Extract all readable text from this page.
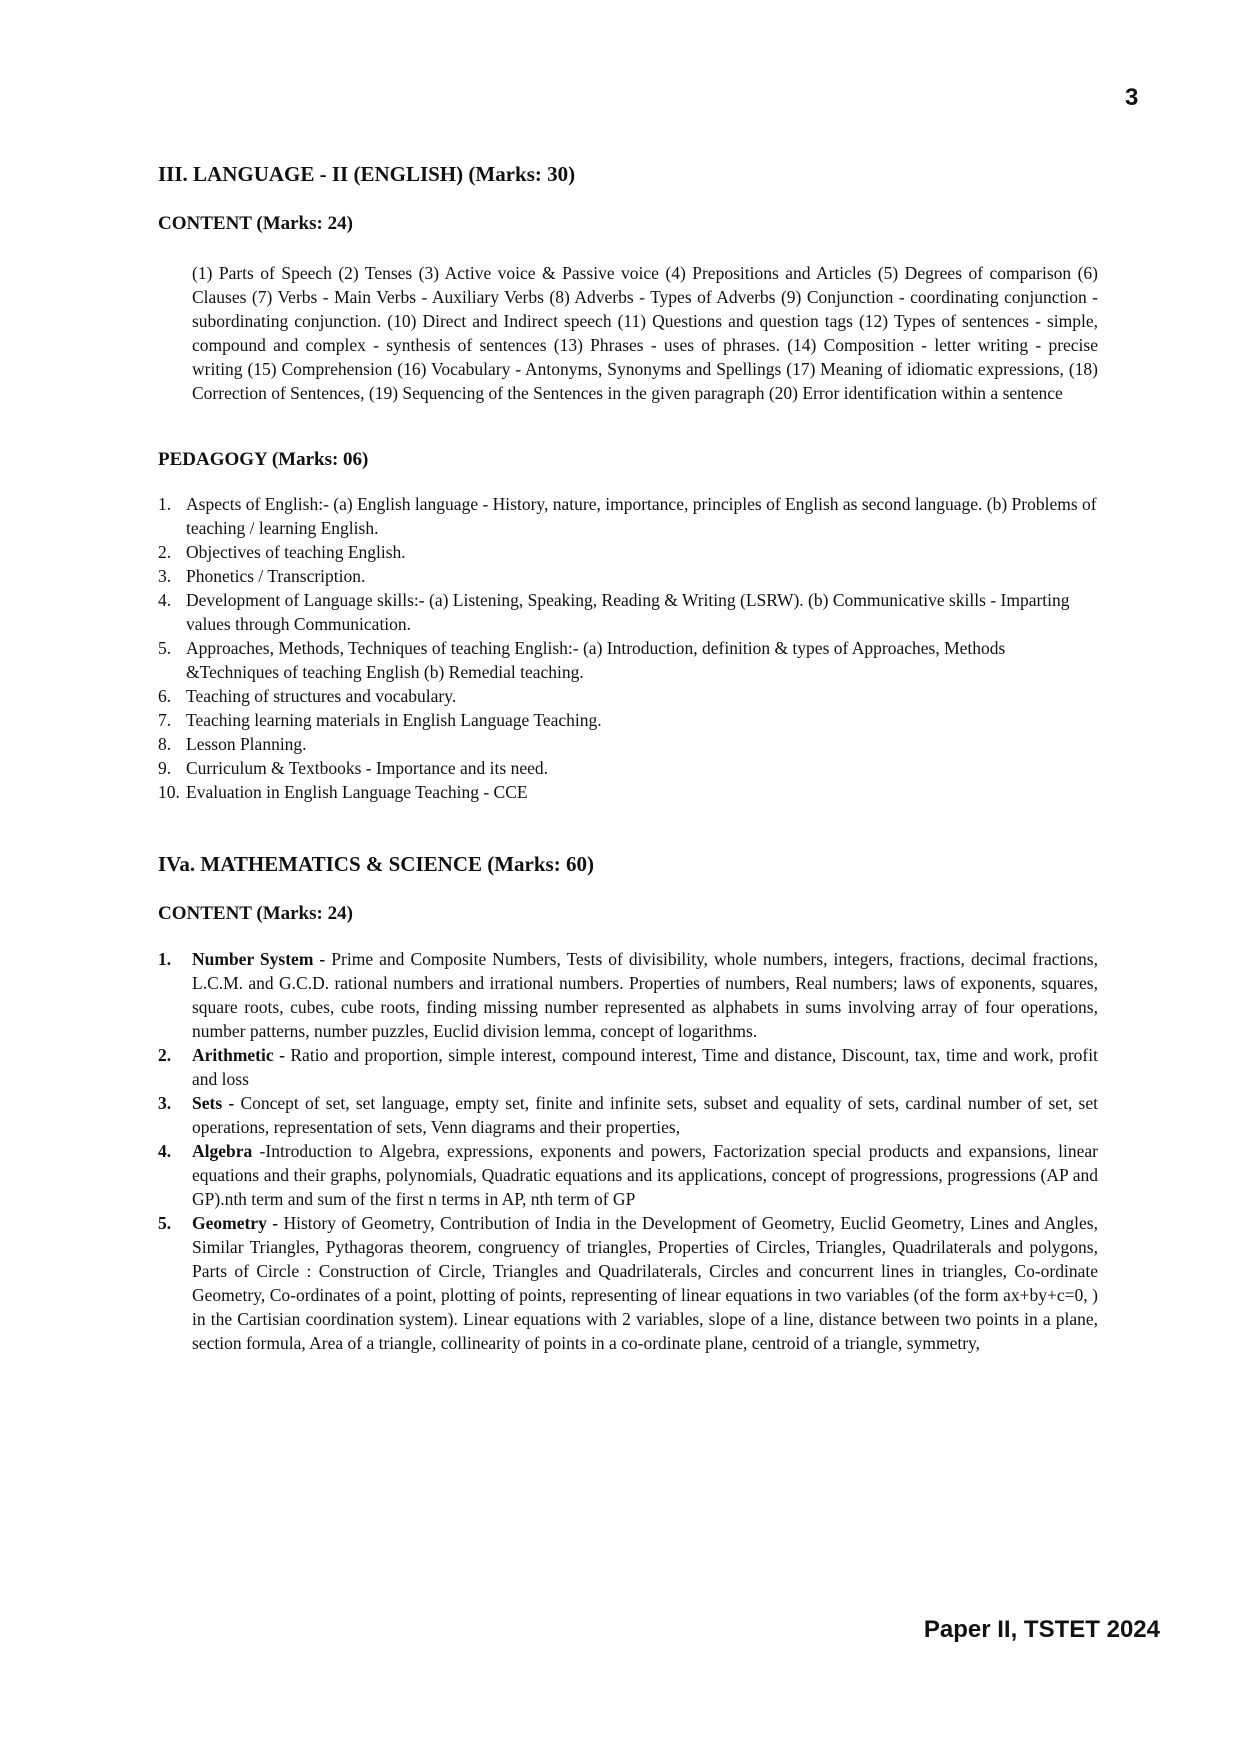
3
III. LANGUAGE - II (ENGLISH) (Marks: 30)
CONTENT (Marks: 24)

(1) Parts of Speech (2) Tenses (3) Active voice & Passive voice (4) Prepositions and Articles (5) Degrees of comparison (6) Clauses (7) Verbs - Main Verbs - Auxiliary Verbs (8) Adverbs - Types of Adverbs (9) Conjunction - coordinating conjunction - subordinating conjunction. (10) Direct and Indirect speech (11) Questions and question tags (12) Types of sentences - simple, compound and complex - synthesis of sentences (13) Phrases - uses of phrases. (14) Composition - letter writing - precise writing (15) Comprehension (16) Vocabulary - Antonyms, Synonyms and Spellings (17) Meaning of idiomatic expressions, (18) Correction of Sentences, (19) Sequencing of the Sentences in the given paragraph (20) Error identification within a sentence

PEDAGOGY (Marks: 06)
1. Aspects of English:- (a) English language - History, nature, importance, principles of English as second language. (b) Problems of teaching / learning English.
2. Objectives of teaching English.
3. Phonetics / Transcription.
4. Development of Language skills:- (a) Listening, Speaking, Reading & Writing (LSRW). (b) Communicative skills - Imparting values through Communication.
5. Approaches, Methods, Techniques of teaching English:- (a) Introduction, definition & types of Approaches, Methods &Techniques of teaching English (b) Remedial teaching.
6. Teaching of structures and vocabulary.
7. Teaching learning materials in English Language Teaching.
8. Lesson Planning.
9. Curriculum & Textbooks - Importance and its need.
10. Evaluation in English Language Teaching - CCE
IVa. MATHEMATICS & SCIENCE (Marks: 60)
CONTENT (Marks: 24)
1. Number System - Prime and Composite Numbers, Tests of divisibility, whole numbers, integers, fractions, decimal fractions, L.C.M. and G.C.D. rational numbers and irrational numbers. Properties of numbers, Real numbers; laws of exponents, squares, square roots, cubes, cube roots, finding missing number represented as alphabets in sums involving array of four operations, number patterns, number puzzles, Euclid division lemma, concept of logarithms.
2. Arithmetic - Ratio and proportion, simple interest, compound interest, Time and distance, Discount, tax, time and work, profit and loss
3. Sets - Concept of set, set language, empty set, finite and infinite sets, subset and equality of sets, cardinal number of set, set operations, representation of sets, Venn diagrams and their properties,
4. Algebra -Introduction to Algebra, expressions, exponents and powers, Factorization special products and expansions, linear equations and their graphs, polynomials, Quadratic equations and its applications, concept of progressions, progressions (AP and GP).nth term and sum of the first n terms in AP, nth term of GP
5. Geometry - History of Geometry, Contribution of India in the Development of Geometry, Euclid Geometry, Lines and Angles, Similar Triangles, Pythagoras theorem, congruency of triangles, Properties of Circles, Triangles, Quadrilaterals and polygons, Parts of Circle : Construction of Circle, Triangles and Quadrilaterals, Circles and concurrent lines in triangles, Co-ordinate Geometry, Co-ordinates of a point, plotting of points, representing of linear equations in two variables (of the form ax+by+c=0, ) in the Cartisian coordination system). Linear equations with 2 variables, slope of a line, distance between two points in a plane, section formula, Area of a triangle, collinearity of points in a co-ordinate plane, centroid of a triangle, symmetry,
Paper II, TSTET 2024
